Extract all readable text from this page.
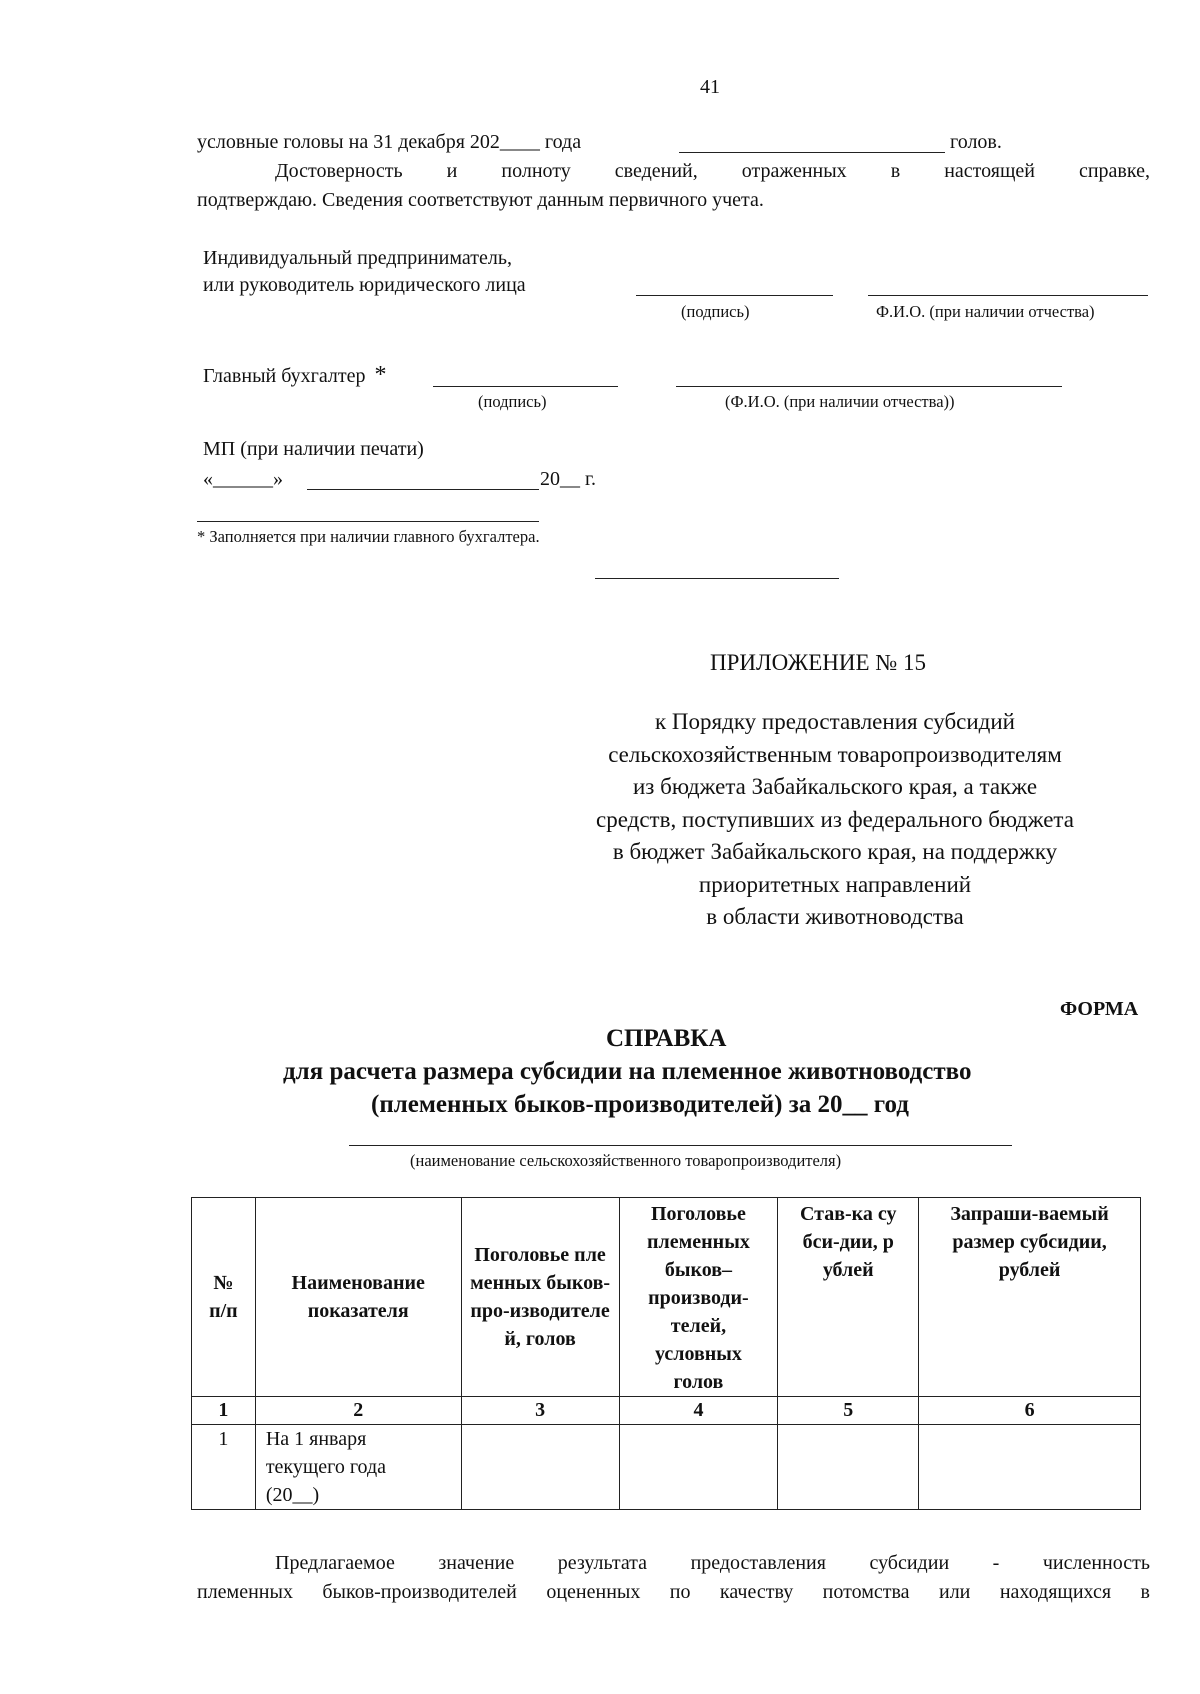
41
условные головы на 31 декабря 202____ года	голов.
Достоверность и полноту сведений, отраженных в настоящей справке,
подтверждаю. Сведения соответствуют данным первичного учета.
Индивидуальный предприниматель,
или руководитель юридического лица
(подпись)	Ф.И.О. (при наличии отчества)
Главный бухгалтер *
(подпись)	(Ф.И.О. (при наличии отчества))
МП (при наличии печати)
«______»	20__ г.
* Заполняется при наличии главного бухгалтера.
ПРИЛОЖЕНИЕ № 15
к Порядку предоставления субсидий
сельскохозяйственным товаропроизводителям
из бюджета Забайкальского края, а также
средств, поступивших из федерального бюджета
в бюджет Забайкальского края, на поддержку
приоритетных направлений
в области животноводства
ФОРМА
СПРАВКА
для расчета размера субсидии на племенное животноводство
(племенных быков-производителей) за 20__ год
(наименование сельскохозяйственного товаропроизводителя)
№ п/п	Наименование показателя	Поголовье племенных быков-про-изводителей, голов	Поголовье племенных быков– производи-телей, условных голов	Став-ка субси-дии, рублей	Запраши-ваемый размер субсидии, рублей
1	2	3	4	5	6
1	На 1 января текущего года (20__)				
Предлагаемое значение результата предоставления субсидии - численность
племенных быков-производителей оцененных по качеству потомства или находящихся в
